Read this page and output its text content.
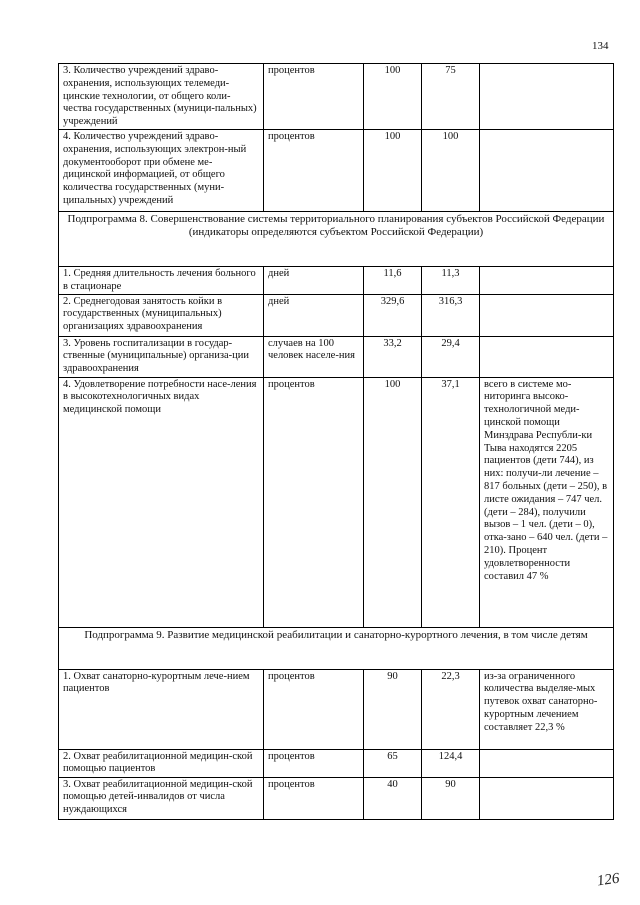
134
3. Количество учреждений здраво-охранения, использующих телемеди-цинские технологии, от общего коли-чества государственных (муници-пальных) учреждений	процентов	100	75	
4. Количество учреждений здраво-охранения, использующих электрон-ный документооборот при обмене ме-дицинской информацией, от общего количества государственных (муни-ципальных) учреждений	процентов	100	100	
Подпрограмма 8. Совершенствование системы территориального планирования субъектов Российской Федерации (индикаторы определяются субъектом Российской Федерации)				
1. Средняя длительность лечения больного в стационаре	дней	11,6	11,3	
2. Среднегодовая занятость койки в государственных (муниципальных) организациях здравоохранения	дней	329,6	316,3	
3. Уровень госпитализации в государ-ственные (муниципальные) организа-ции здравоохранения	случаев на 100 человек населе-ния	33,2	29,4	
4. Удовлетворение потребности насе-ления в высокотехнологичных видах медицинской помощи	процентов	100	37,1	всего в системе мо-ниторинга высоко-технологичной меди-цинской помощи Минздрава Республи-ки Тыва находятся 2205 пациентов (дети 744), из них: получи-ли лечение – 817 больных (дети – 250), в листе ожидания – 747 чел. (дети – 284), получили вызов – 1 чел. (дети – 0), отка-зано – 640 чел. (дети – 210). Процент удовлетворенности составил 47 %
Подпрограмма 9. Развитие медицинской реабилитации и санаторно-курортного лечения, в том числе детям				
1. Охват санаторно-курортным лече-нием пациентов	процентов	90	22,3	из-за ограниченного количества выделяе-мых путевок охват санаторно-курортным лечением составляет 22,3 %
2. Охват реабилитационной медицин-ской помощью пациентов	процентов	65	124,4	
3. Охват реабилитационной медицин-ской помощью детей-инвалидов от числа нуждающихся	процентов	40	90	
126
